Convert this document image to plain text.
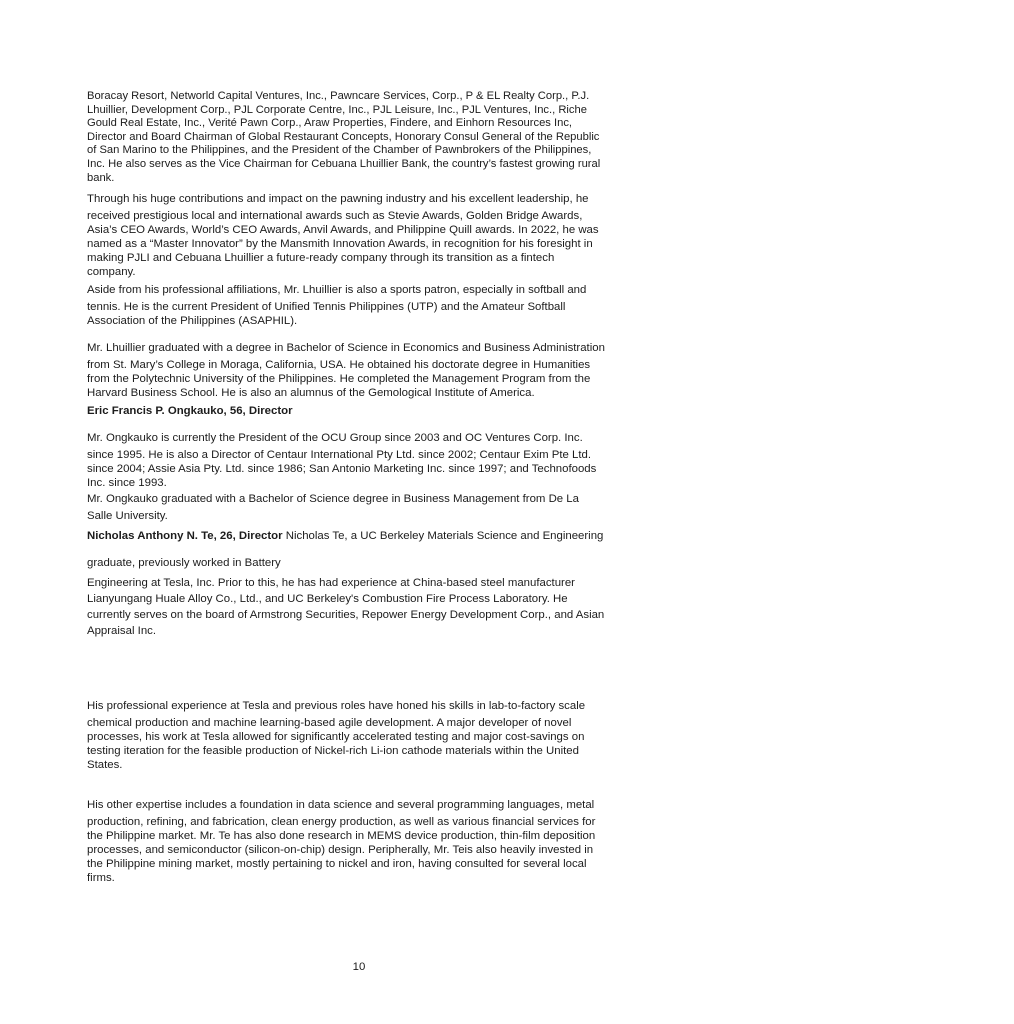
Boracay Resort, Networld Capital Ventures, Inc., Pawncare Services, Corp., P & EL Realty Corp., P.J.
Lhuillier, Development Corp., PJL Corporate Centre, Inc., PJL Leisure, Inc., PJL Ventures, Inc., Riche
Gould Real Estate, Inc., Verité Pawn Corp., Araw Properties, Findere, and Einhorn Resources Inc,
Director and Board Chairman of Global Restaurant Concepts, Honorary Consul General of the Republic
of San Marino to the Philippines, and the President of the Chamber of Pawnbrokers of the Philippines,
Inc. He also serves as the Vice Chairman for Cebuana Lhuillier Bank, the country’s fastest growing rural
bank.

Through his huge contributions and impact on the pawning industry and his excellent leadership, he
received prestigious local and international awards such as Stevie Awards, Golden Bridge Awards,
Asia’s CEO Awards, World’s CEO Awards, Anvil Awards, and Philippine Quill awards. In 2022, he was
named as a “Master Innovator” by the Mansmith Innovation Awards, in recognition for his foresight in
making PJLI and Cebuana Lhuillier a future-ready company through its transition as a fintech
company.

Aside from his professional affiliations, Mr. Lhuillier is also a sports patron, especially in softball and
tennis. He is the current President of Unified Tennis Philippines (UTP) and the Amateur Softball
Association of the Philippines (ASAPHIL).

Mr. Lhuillier graduated with a degree in Bachelor of Science in Economics and Business Administration
from St. Mary’s College in Moraga, California, USA. He obtained his doctorate degree in Humanities
from the Polytechnic University of the Philippines. He completed the Management Program from the
Harvard Business School. He is also an alumnus of the Gemological Institute of America.

Eric Francis P. Ongkauko, 56, Director

Mr. Ongkauko is currently the President of the OCU Group since 2003 and OC Ventures Corp. Inc.
since 1995. He is also a Director of Centaur International Pty Ltd. since 2002; Centaur Exim Pte Ltd.
since 2004; Assie Asia Pty. Ltd. since 1986; San Antonio Marketing Inc. since 1997; and Technofoods
Inc. since 1993.

Mr. Ongkauko graduated with a Bachelor of Science degree in Business Management from De La
Salle University.

Nicholas Anthony N. Te, 26, Director Nicholas Te, a UC Berkeley Materials Science and Engineering

graduate, previously worked in Battery

Engineering at Tesla, Inc. Prior to this, he has had experience at China-based steel manufacturer
Lianyungang Huale Alloy Co., Ltd., and UC Berkeley's Combustion Fire Process Laboratory. He
currently serves on the board of Armstrong Securities, Repower Energy Development Corp., and Asian
Appraisal Inc.

His professional experience at Tesla and previous roles have honed his skills in lab-to-factory scale
chemical production and machine learning-based agile development. A major developer of novel
processes, his work at Tesla allowed for significantly accelerated testing and major cost-savings on
testing iteration for the feasible production of Nickel-rich Li-ion cathode materials within the United
States.

His other expertise includes a foundation in data science and several programming languages, metal
production, refining, and fabrication, clean energy production, as well as various financial services for
the Philippine market. Mr. Te has also done research in MEMS device production, thin-film deposition
processes, and semiconductor (silicon-on-chip) design. Peripherally, Mr. Teis also heavily invested in
the Philippine mining market, mostly pertaining to nickel and iron, having consulted for several local
firms.

10
